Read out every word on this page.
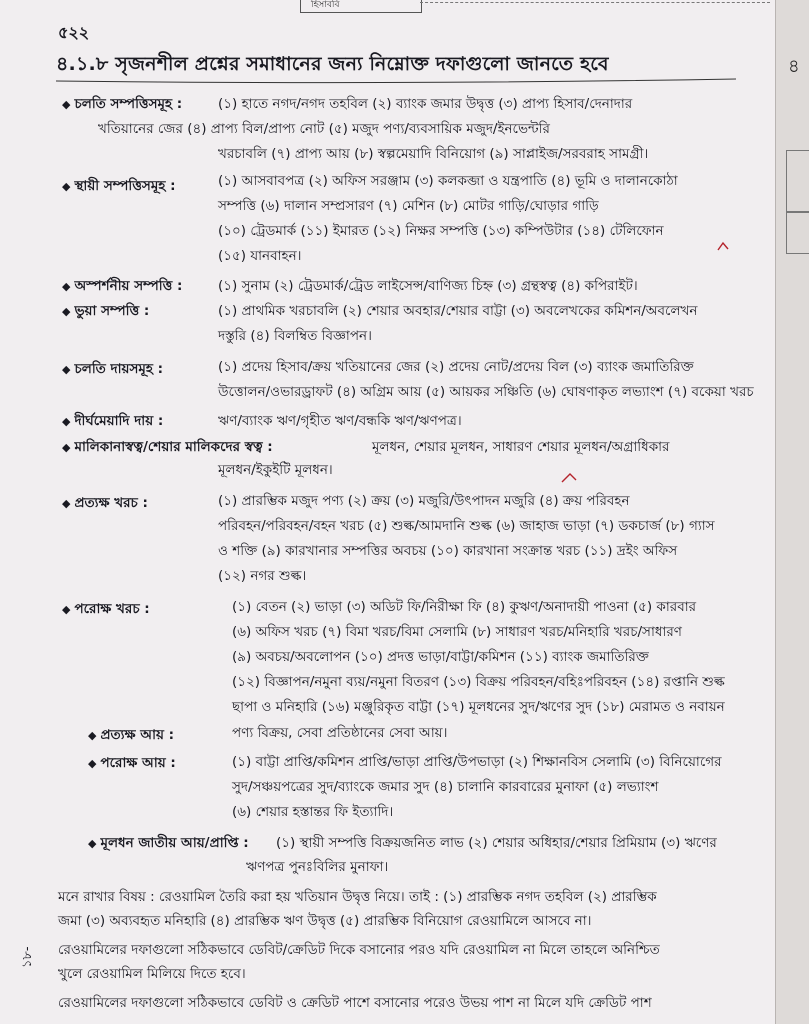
হিসাববি
৫২২
৪.১.৮ সৃজনশীল প্রশ্নের সমাধানের জন্য নিম্নোক্ত দফাগুলো জানতে হবে
◆ চলতি সম্পত্তিসমূহ :	(১) হাতে নগদ/নগদ তহবিল (২) ব্যাংক জমার উদ্বৃত্ত (৩) প্রাপ্য হিসাব/দেনাদার
খতিয়ানের জের (৪) প্রাপ্য বিল/প্রাপ্য নোট (৫) মজুদ পণ্য/ব্যবসায়িক মজুদ/ইনভেন্টরি
খরচাবলি (৭) প্রাপ্য আয় (৮) স্বল্পমেয়াদি বিনিয়োগ (৯) সাপ্লাইজ/সরবরাহ সামগ্রী।
◆ স্থায়ী সম্পত্তিসমূহ :	(১) আসবাবপত্র (২) অফিস সরঞ্জাম (৩) কলকব্জা ও যন্ত্রপাতি (৪) ভূমি ও দালানকোঠা
সম্পত্তি (৬) দালান সম্প্রসারণ (৭) মেশিন (৮) মোটর গাড়ি/ঘোড়ার গাড়ি
(১০) ট্রেডমার্ক (১১) ইমারত (১২) নিক্ষর সম্পত্তি (১৩) কম্পিউটার (১৪) টেলিফোন
(১৫) যানবাহন।
◆ অস্পর্শনীয় সম্পত্তি :	(১) সুনাম (২) ট্রেডমার্ক/ট্রেড লাইসেন্স/বাণিজ্য চিহ্ন (৩) গ্রন্থস্বত্ব (৪) কপিরাইট।
◆ ভুয়া সম্পত্তি :	(১) প্রাথমিক খরচাবলি (২) শেয়ার অবহার/শেয়ার বাট্টা (৩) অবলেখকের কমিশন/অবলেখন
দস্তুরি (৪) বিলম্বিত বিজ্ঞাপন।
◆ চলতি দায়সমূহ :	(১) প্রদেয় হিসাব/ক্রয় খতিয়ানের জের (২) প্রদেয় নোট/প্রদেয় বিল (৩) ব্যাংক জমাতিরিক্ত
উত্তোলন/ওভারড্রাফট (৪) অগ্রিম আয় (৫) আয়কর সঞ্চিতি (৬) ঘোষণাকৃত লভ্যাংশ (৭) বকেয়া খরচ
◆ দীর্ঘমেয়াদি দায় :	ঋণ/ব্যাংক ঋণ/গৃহীত ঋণ/বন্ধকি ঋণ/ঋণপত্র।
◆ মালিকানাস্বত্ব/শেয়ার মালিকদের স্বত্ব :	মূলধন, শেয়ার মূলধন, সাধারণ শেয়ার মূলধন/অগ্রাধিকার
মূলধন/ইকুইটি মূলধন।
◆ প্রত্যক্ষ খরচ :	(১) প্রারম্ভিক মজুদ পণ্য (২) ক্রয় (৩) মজুরি/উৎপাদন মজুরি (৪) ক্রয় পরিবহন
পরিবহন/পরিবহন/বহন খরচ (৫) শুল্ক/আমদানি শুল্ক (৬) জাহাজ ভাড়া (৭) ডকচার্জ (৮) গ্যাস
ও শক্তি (৯) কারখানার সম্পত্তির অবচয় (১০) কারখানা সংক্রান্ত খরচ (১১) দ্রইং অফিস
(১২) নগর শুল্ক।
◆ পরোক্ষ খরচ :	(১) বেতন (২) ভাড়া (৩) অডিট ফি/নিরীক্ষা ফি (৪) কুঋণ/অনাদায়ী পাওনা (৫) কারবার
(৬) অফিস খরচ (৭) বিমা খরচ/বিমা সেলামি (৮) সাধারণ খরচ/মনিহারি খরচ/সাধারণ
(৯) অবচয়/অবলোপন (১০) প্রদত্ত ভাড়া/বাট্টা/কমিশন (১১) ব্যাংক জমাতিরিক্ত
(১২) বিজ্ঞাপন/নমুনা ব্যয়/নমুনা বিতরণ (১৩) বিক্রয় পরিবহন/বহিঃপরিবহন (১৪) রপ্তানি শুল্ক
ছাপা ও মনিহারি (১৬) মঞ্জুরিকৃত বাট্টা (১৭) মূলধনের সুদ/ঋণের সুদ (১৮) মেরামত ও নবায়ন
◆ প্রত্যক্ষ আয় :	পণ্য বিক্রয়, সেবা প্রতিষ্ঠানের সেবা আয়।
◆ পরোক্ষ আয় :	(১) বাট্টা প্রাপ্তি/কমিশন প্রাপ্তি/ভাড়া প্রাপ্তি/উপভাড়া (২) শিক্ষানবিস সেলামি (৩) বিনিয়োগের
সুদ/সঞ্চয়পত্রের সুদ/ব্যাংকে জমার সুদ (৪) চালানি কারবারের মুনাফা (৫) লভ্যাংশ
(৬) শেয়ার হস্তান্তর ফি ইত্যাদি।
◆ মূলধন জাতীয় আয়/প্রাপ্তি : (১) স্থায়ী সম্পত্তি বিক্রয়জনিত লাভ (২) শেয়ার অধিহার/শেয়ার প্রিমিয়াম (৩) ঋণের
ঋণপত্র পুনঃবিলির মুনাফা।
মনে রাখার বিষয় : রেওয়ামিল তৈরি করা হয় খতিয়ান উদ্বৃত্ত নিয়ে। তাই : (১) প্রারম্ভিক নগদ তহবিল (২) প্রারম্ভিক
জমা (৩) অব্যবহৃত মনিহারি (৪) প্রারম্ভিক ঋণ উদ্বৃত্ত (৫) প্রারম্ভিক বিনিয়োগ রেওয়ামিলে আসবে না।
রেওয়ামিলের দফাগুলো সঠিকভাবে ডেবিট/ক্রেডিট দিকে বসানোর পরও যদি রেওয়ামিল না মিলে তাহলে অনিশ্চিত
খুলে রেওয়ামিল মিলিয়ে দিতে হবে।
রেওয়ামিলের দফাগুলো সঠিকভাবে ডেবিট ও ক্রেডিট পাশে বসানোর পরেও উভয় পাশ না মিলে যদি ক্রেডিট পাশ
১৮-
৪
